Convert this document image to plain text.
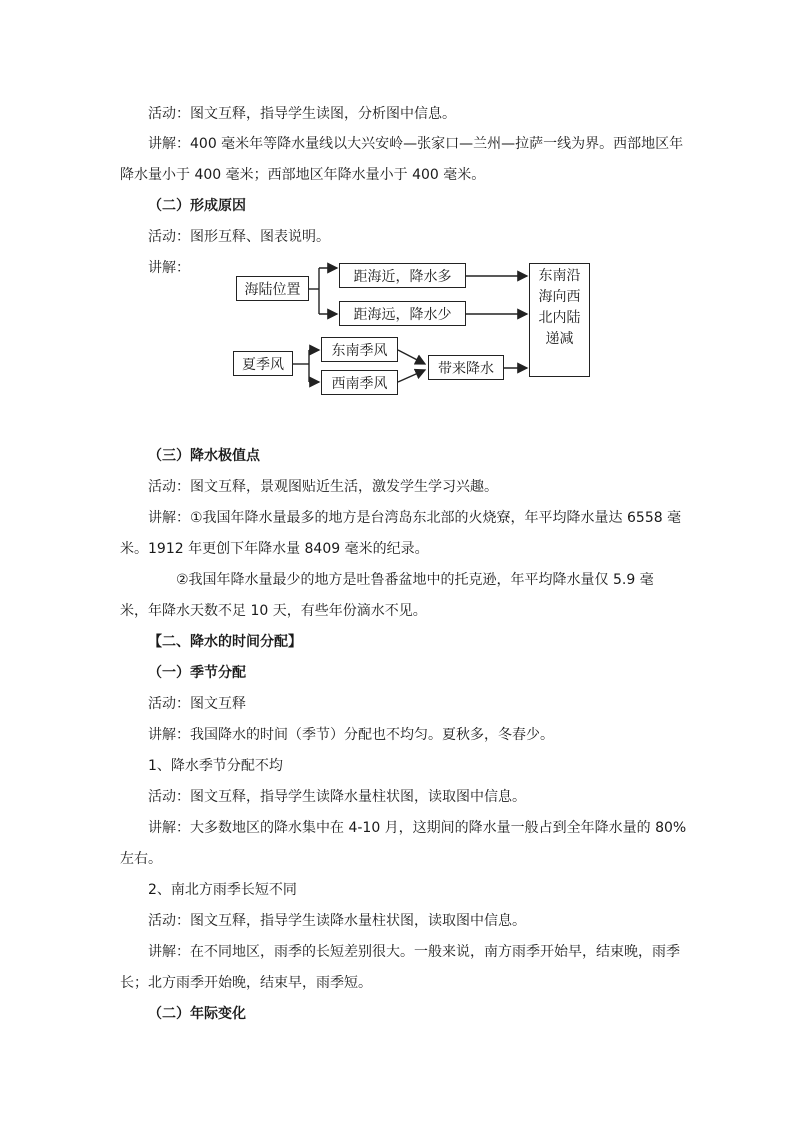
活动：图文互释，指导学生读图，分析图中信息。
讲解：400 毫米年等降水量线以大兴安岭—张家口—兰州—拉萨一线为界。西部地区年
降水量小于 400 毫米；西部地区年降水量小于 400 毫米。
（二）形成原因
活动：图形互释、图表说明。
讲解：
海陆位置
距海近，降水多
距海远，降水少
夏季风
东南季风
西南季风
带来降水
东南沿
海向西
北内陆
递减
（三）降水极值点
活动：图文互释，景观图贴近生活，激发学生学习兴趣。
讲解：①我国年降水量最多的地方是台湾岛东北部的火烧寮，年平均降水量达 6558 毫
米。1912 年更创下年降水量 8409 毫米的纪录。
②我国年降水量最少的地方是吐鲁番盆地中的托克逊，年平均降水量仅 5.9 毫
米，年降水天数不足 10 天，有些年份滴水不见。
【二、降水的时间分配】
（一）季节分配
活动：图文互释
讲解：我国降水的时间（季节）分配也不均匀。夏秋多，冬春少。
1、降水季节分配不均
活动：图文互释，指导学生读降水量柱状图，读取图中信息。
讲解：大多数地区的降水集中在 4-10 月，这期间的降水量一般占到全年降水量的 80%
左右。
2、南北方雨季长短不同
活动：图文互释，指导学生读降水量柱状图，读取图中信息。
讲解：在不同地区，雨季的长短差别很大。一般来说，南方雨季开始早，结束晚，雨季
长；北方雨季开始晚，结束早，雨季短。
（二）年际变化
